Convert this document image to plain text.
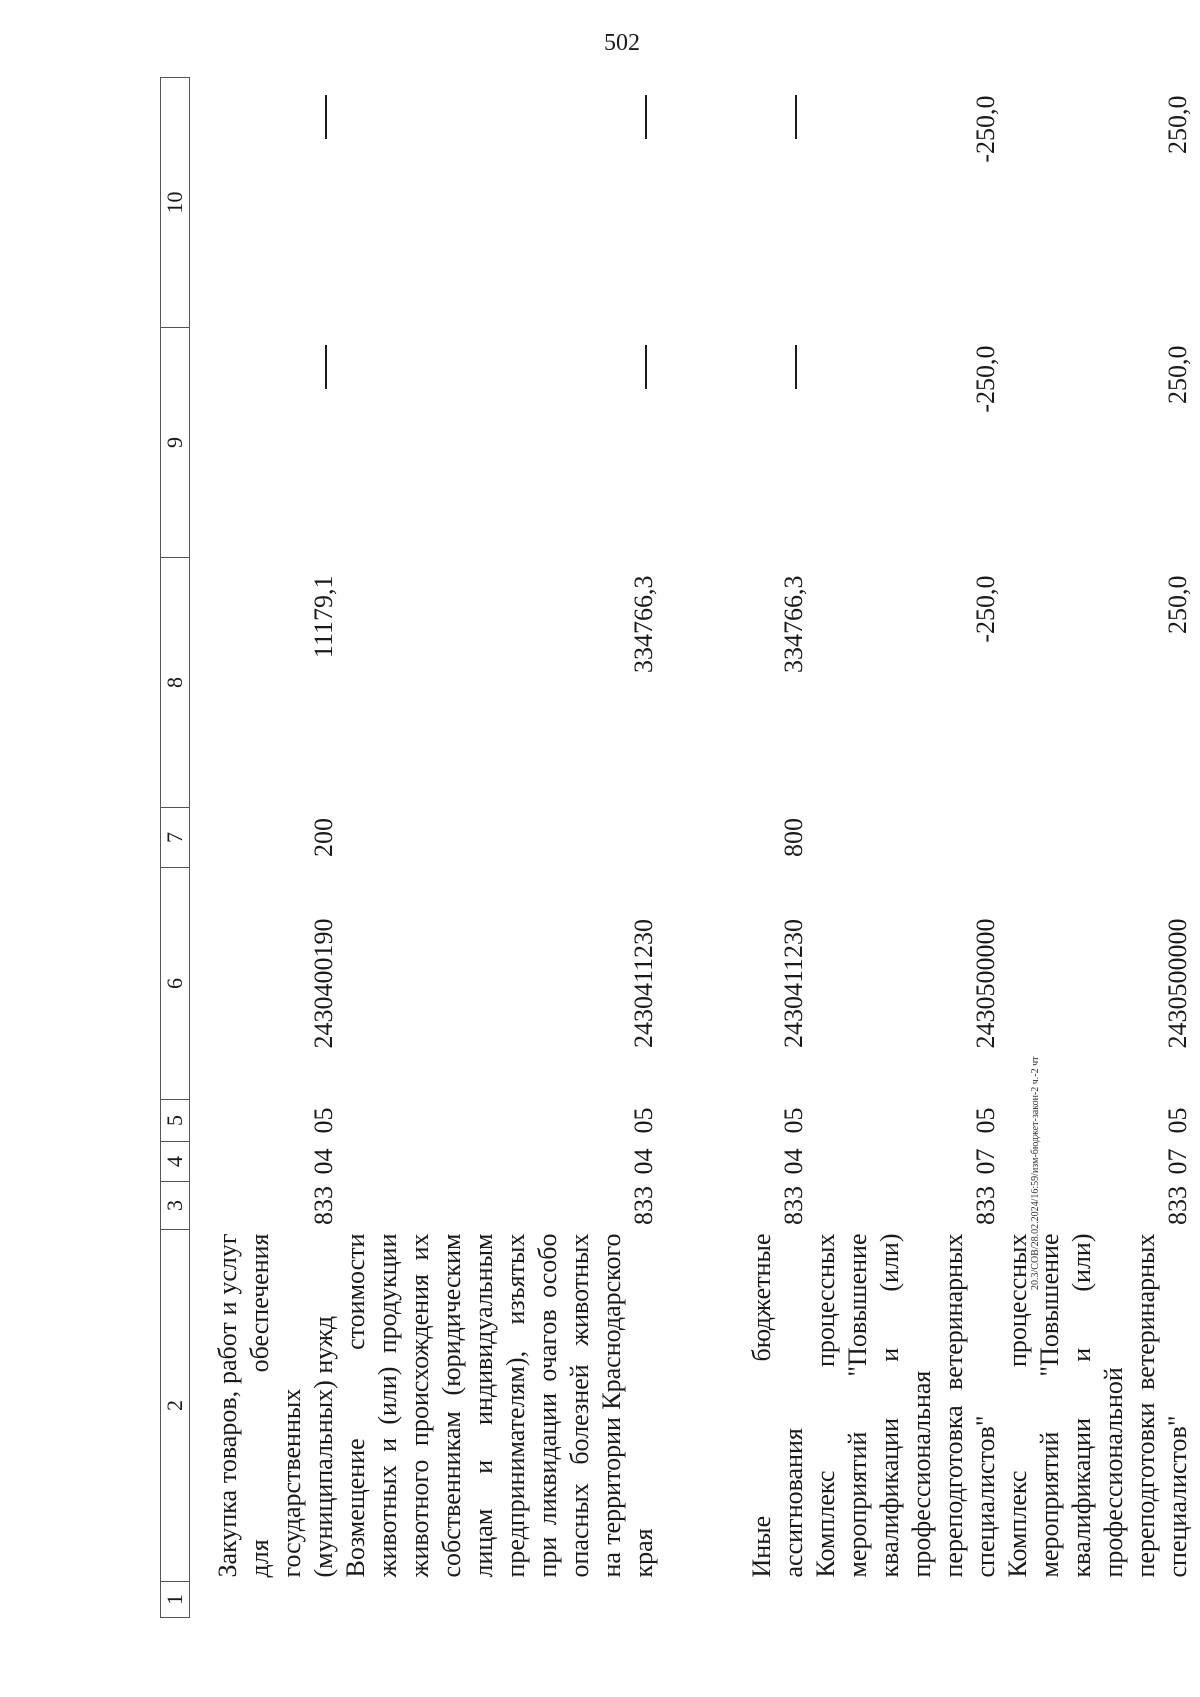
502
20.3/СОВ/28.02.2024/16:59/изм-бюджет-закон-2 ч.-2 чт
1	2	3	4	5	6	7	8	9	10
	Закупка товаров, работ и услуг для обеспечения государственных (муниципальных) нужд	833	04	05	2430400190	200	11179,1		
	Возмещение стоимости животных и (или) продукции животного происхождения их собственникам (юридическим лицам и индивидуальным предпринимателям), изъятых при ликвидации очагов особо опасных болезней животных на территории Краснодарского края	833	04	05	2430411230		334766,3		
	Иные бюджетные ассигнования	833	04	05	2430411230	800	334766,3		
	Комплекс процессных мероприятий "Повышение квалификации и (или) профессиональная переподготовка ветеринарных специалистов"	833	07	05	2430500000		-250,0	-250,0	-250,0
	Комплекс процессных мероприятий "Повышение квалификации и (или) профессиональной переподготовки ветеринарных специалистов"	833	07	05	2430500000		250,0	250,0	250,0
